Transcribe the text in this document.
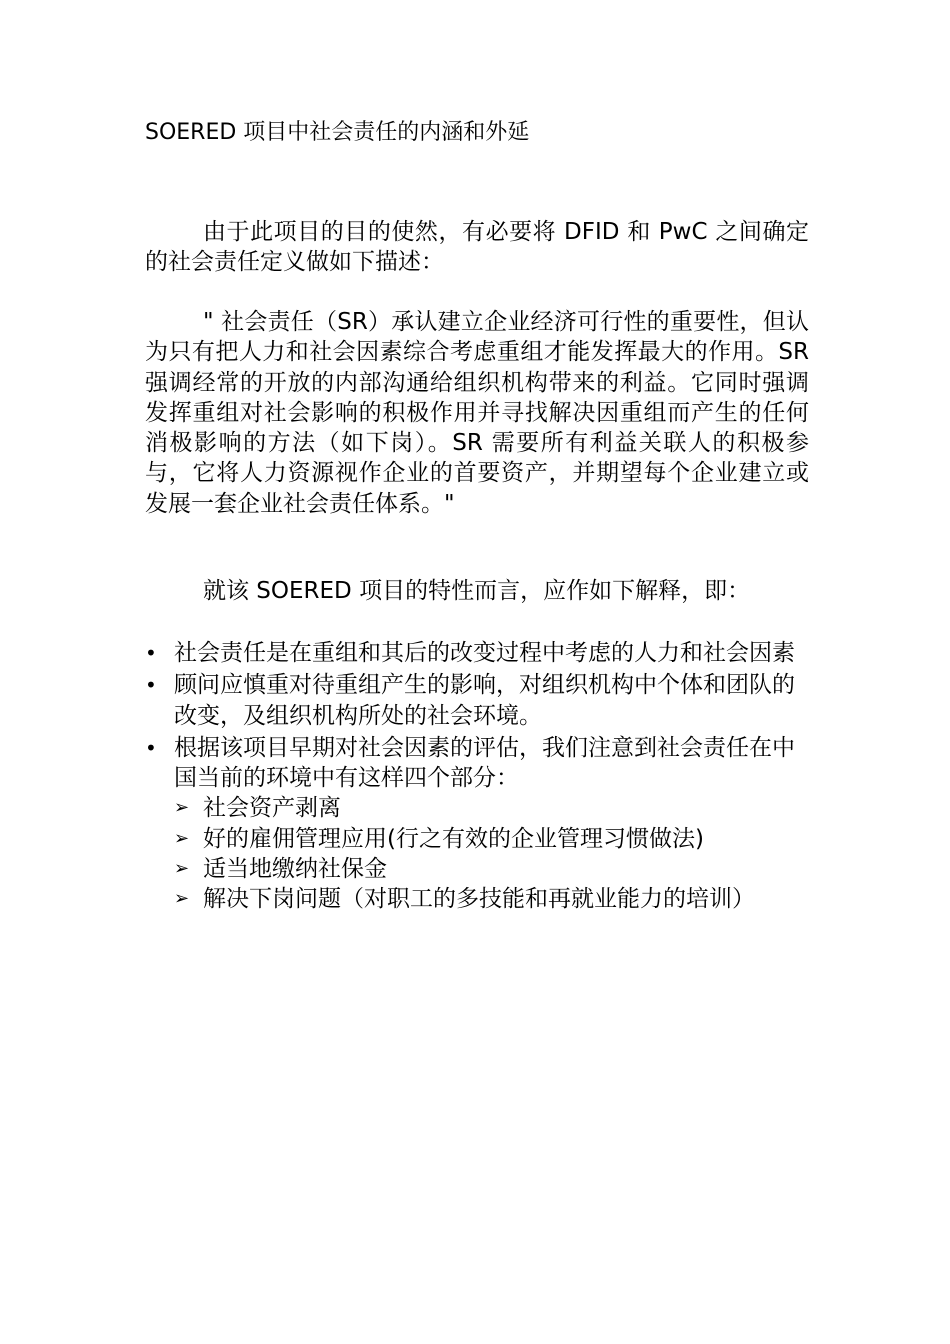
SOERED 项目中社会责任的内涵和外延

由于此项目的目的使然，有必要将 DFID 和 PwC 之间确定的社会责任定义做如下描述：

" 社会责任（SR）承认建立企业经济可行性的重要性，但认为只有把人力和社会因素综合考虑重组才能发挥最大的作用。SR 强调经常的开放的内部沟通给组织机构带来的利益。它同时强调发挥重组对社会影响的积极作用并寻找解决因重组而产生的任何消极影响的方法（如下岗）。SR 需要所有利益关联人的积极参与，它将人力资源视作企业的首要资产，并期望每个企业建立或发展一套企业社会责任体系。"

就该 SOERED 项目的特性而言，应作如下解释，即：

• 社会责任是在重组和其后的改变过程中考虑的人力和社会因素
• 顾问应慎重对待重组产生的影响，对组织机构中个体和团队的改变，及组织机构所处的社会环境。
• 根据该项目早期对社会因素的评估，我们注意到社会责任在中国当前的环境中有这样四个部分：
➢ 社会资产剥离
➢ 好的雇佣管理应用(行之有效的企业管理习惯做法)
➢ 适当地缴纳社保金
➢ 解决下岗问题（对职工的多技能和再就业能力的培训）
